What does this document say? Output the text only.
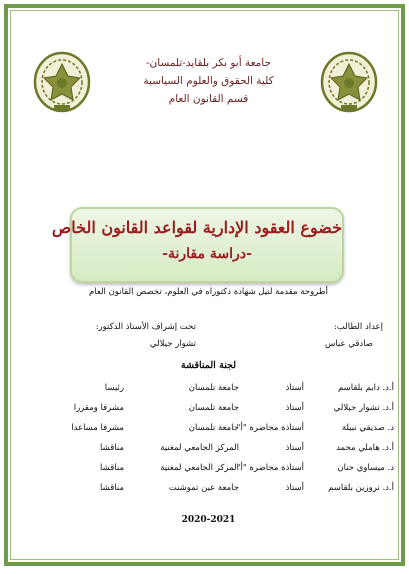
جامعة أبو بكر بلقايد-تلمسان-
كلية الحقوق والعلوم السياسية
قسم القانون العام
خضوع العقود الإدارية لقواعد القانون الخاص
-دراسة مقارنة-
أطروحة مقدمة لنيل شهادة دكتوراه في العلوم، تخصص القانون العام
إعداد الطالب:
صادقي عباس
تحت إشراف الأستاذ الدكتور:
تشوار جيلالي
لجنة المناقشة
أ.د. دايم بلقاسم
أستاذ
جامعة تلمسان
رئيسا
أ.د. تشوار جيلالي
أستاذ
جامعة تلمسان
مشرفا ومقررا
د. صديقي نبيلة
أستاذة محاضرة "أ"
جامعة تلمسان
مشرفا مساعدا
أ.د. هاملي محمد
أستاذ
المركز الجامعي لمغنية
مناقشا
د. ميساوي حنان
أستاذة محاضرة "أ"
المركز الجامعي لمغنية
مناقشا
أ.د. تروزين بلقاسم
أستاذ
جامعة عين تموشنت
مناقشا
2020-2021
